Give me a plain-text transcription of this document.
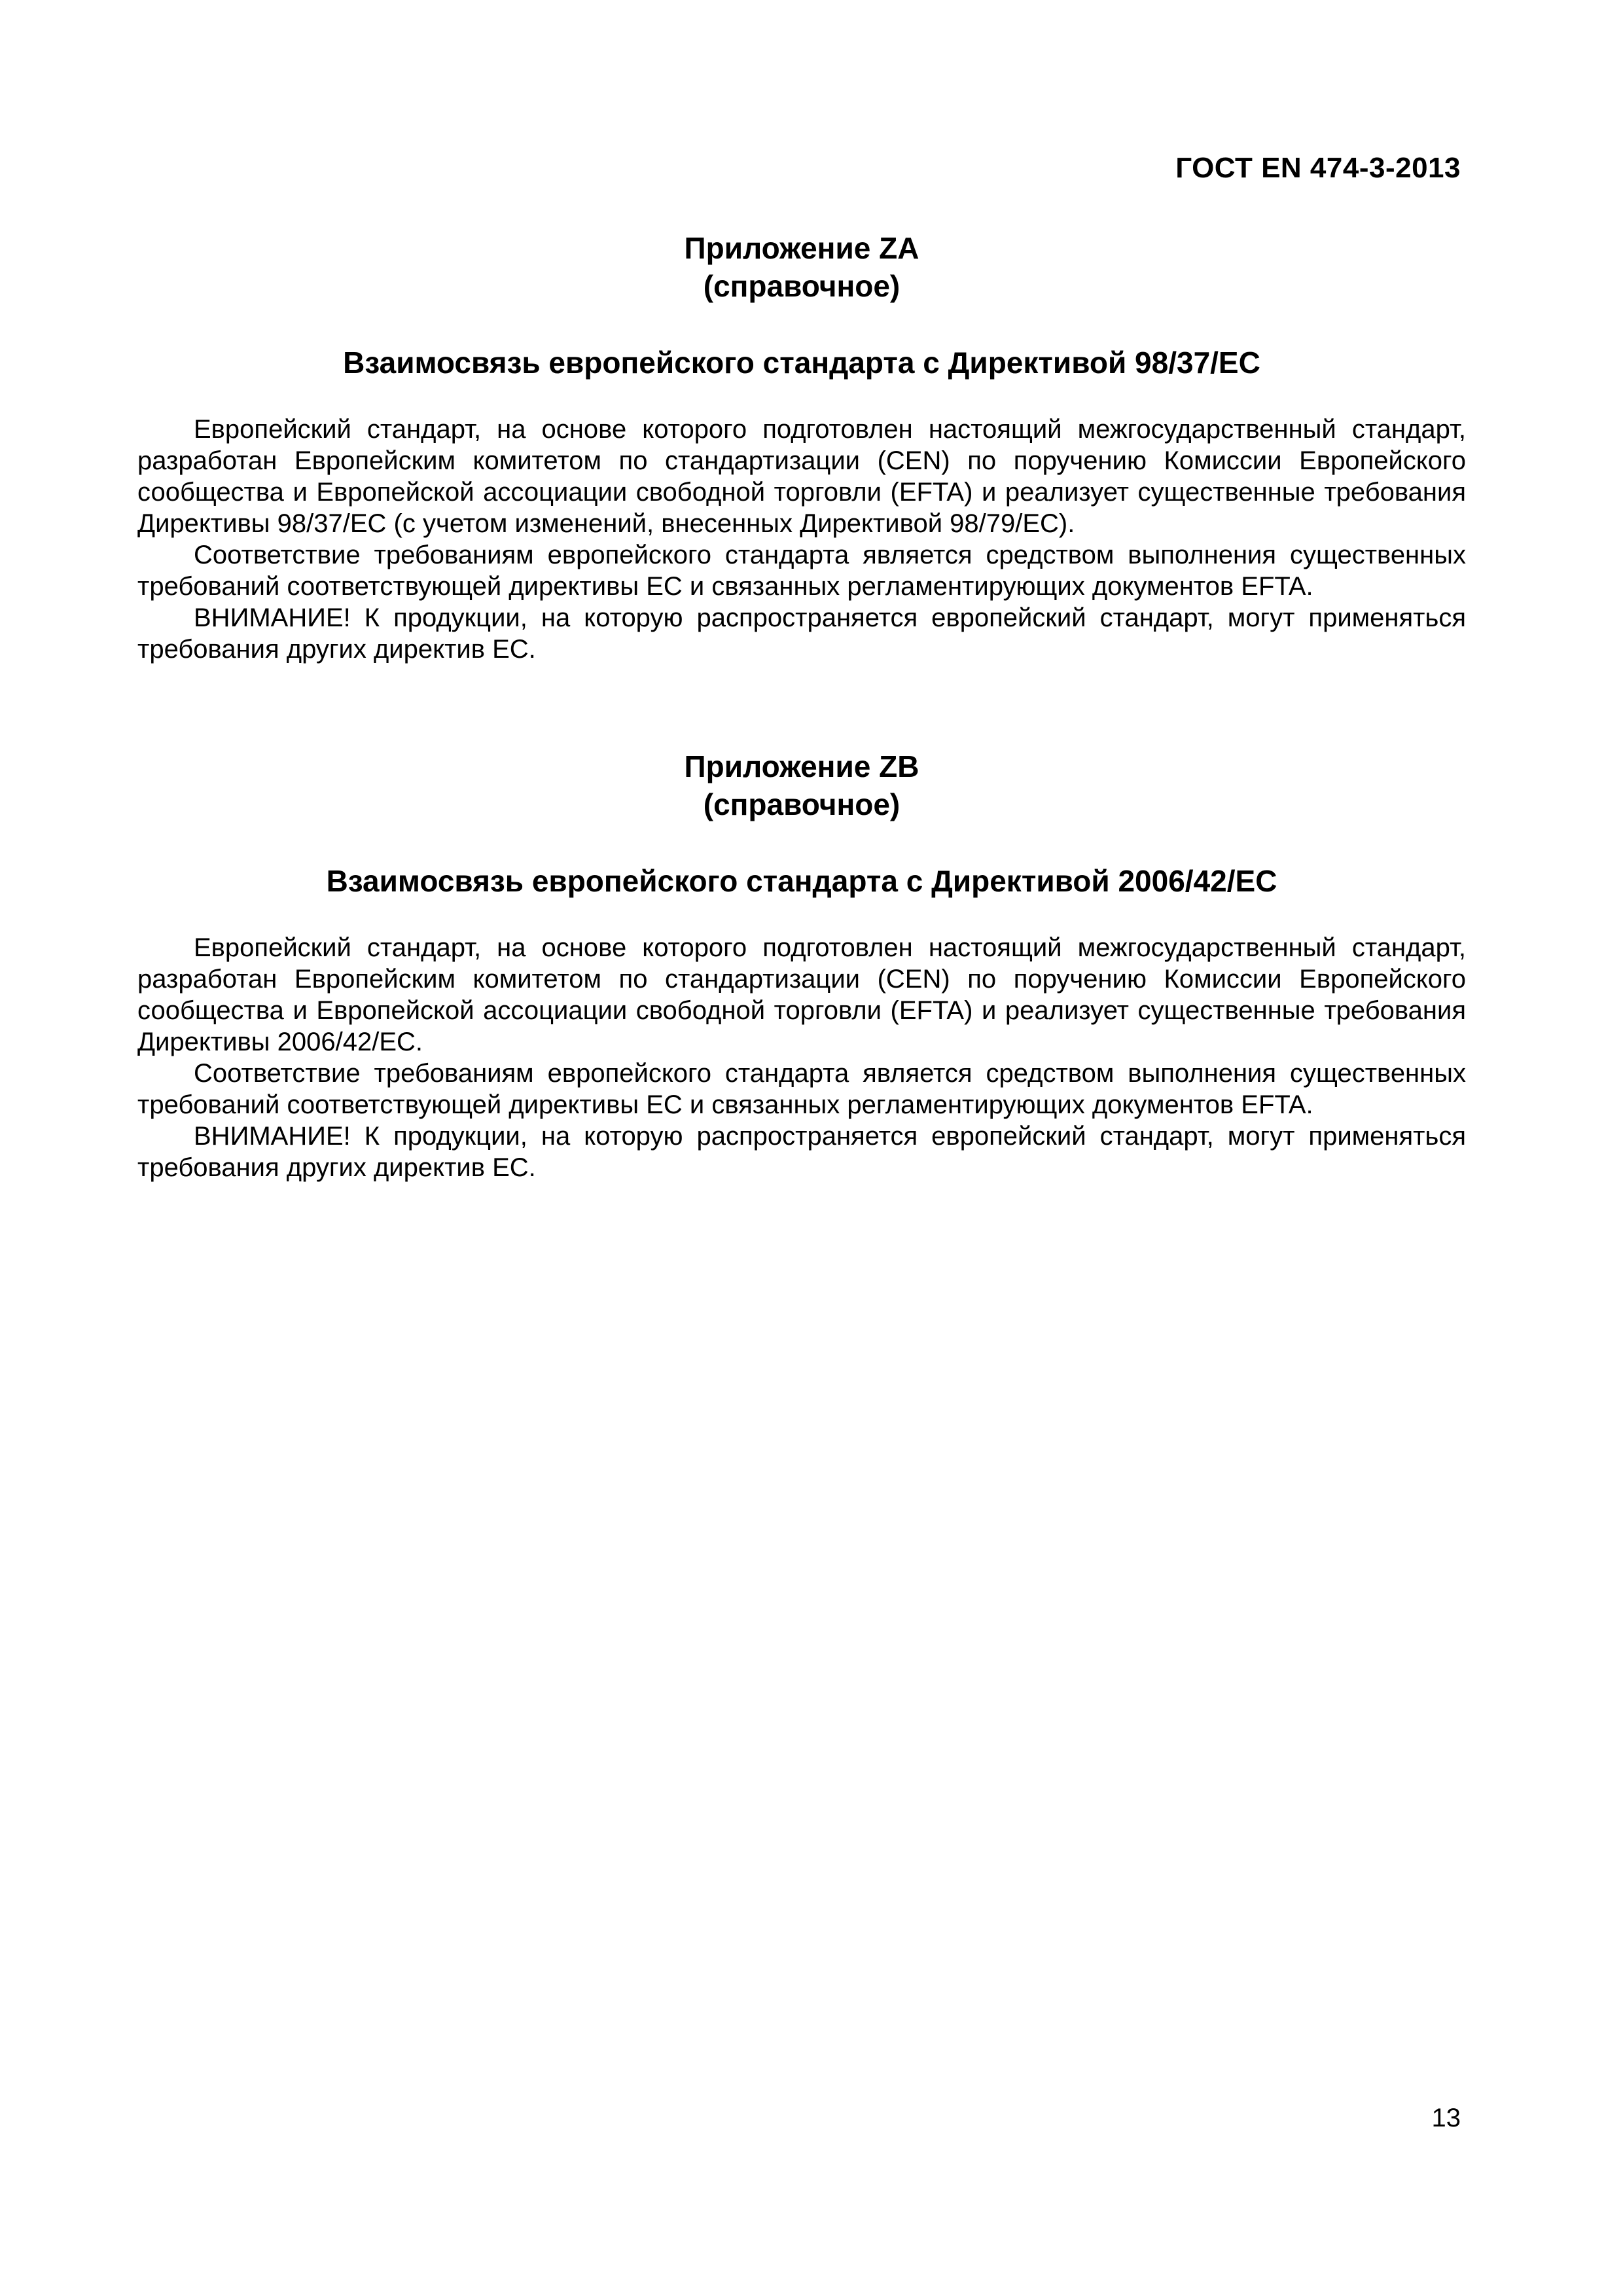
ГОСТ EN 474-3-2013

Приложение ZA

(справочное)

Взаимосвязь европейского стандарта с Директивой 98/37/ЕС

Европейский стандарт, на основе которого подготовлен настоящий межгосударственный стандарт, разработан Европейским комитетом по стандартизации (CEN) по поручению Комиссии Европейского сообщества и Европейской ассоциации свободной торговли (EFTA) и реализует существенные требования Директивы 98/37/ЕС (с учетом изменений, внесенных Директивой 98/79/ЕС).

Соответствие требованиям европейского стандарта является средством выполнения существенных требований соответствующей директивы ЕС и связанных регламентирующих документов EFTA.

ВНИМАНИЕ! К продукции, на которую распространяется европейский стандарт, могут применяться требования других директив ЕС.

Приложение ZB

(справочное)

Взаимосвязь европейского стандарта с Директивой 2006/42/ЕС

Европейский стандарт, на основе которого подготовлен настоящий межгосударственный стандарт, разработан Европейским комитетом по стандартизации (CEN) по поручению Комиссии Европейского сообщества и Европейской ассоциации свободной торговли (EFTA) и реализует существенные требования Директивы 2006/42/ЕС.

Соответствие требованиям европейского стандарта является средством выполнения существенных требований соответствующей директивы ЕС и связанных регламентирующих документов EFTA.

ВНИМАНИЕ! К продукции, на которую распространяется европейский стандарт, могут применяться требования других директив ЕС.

13
